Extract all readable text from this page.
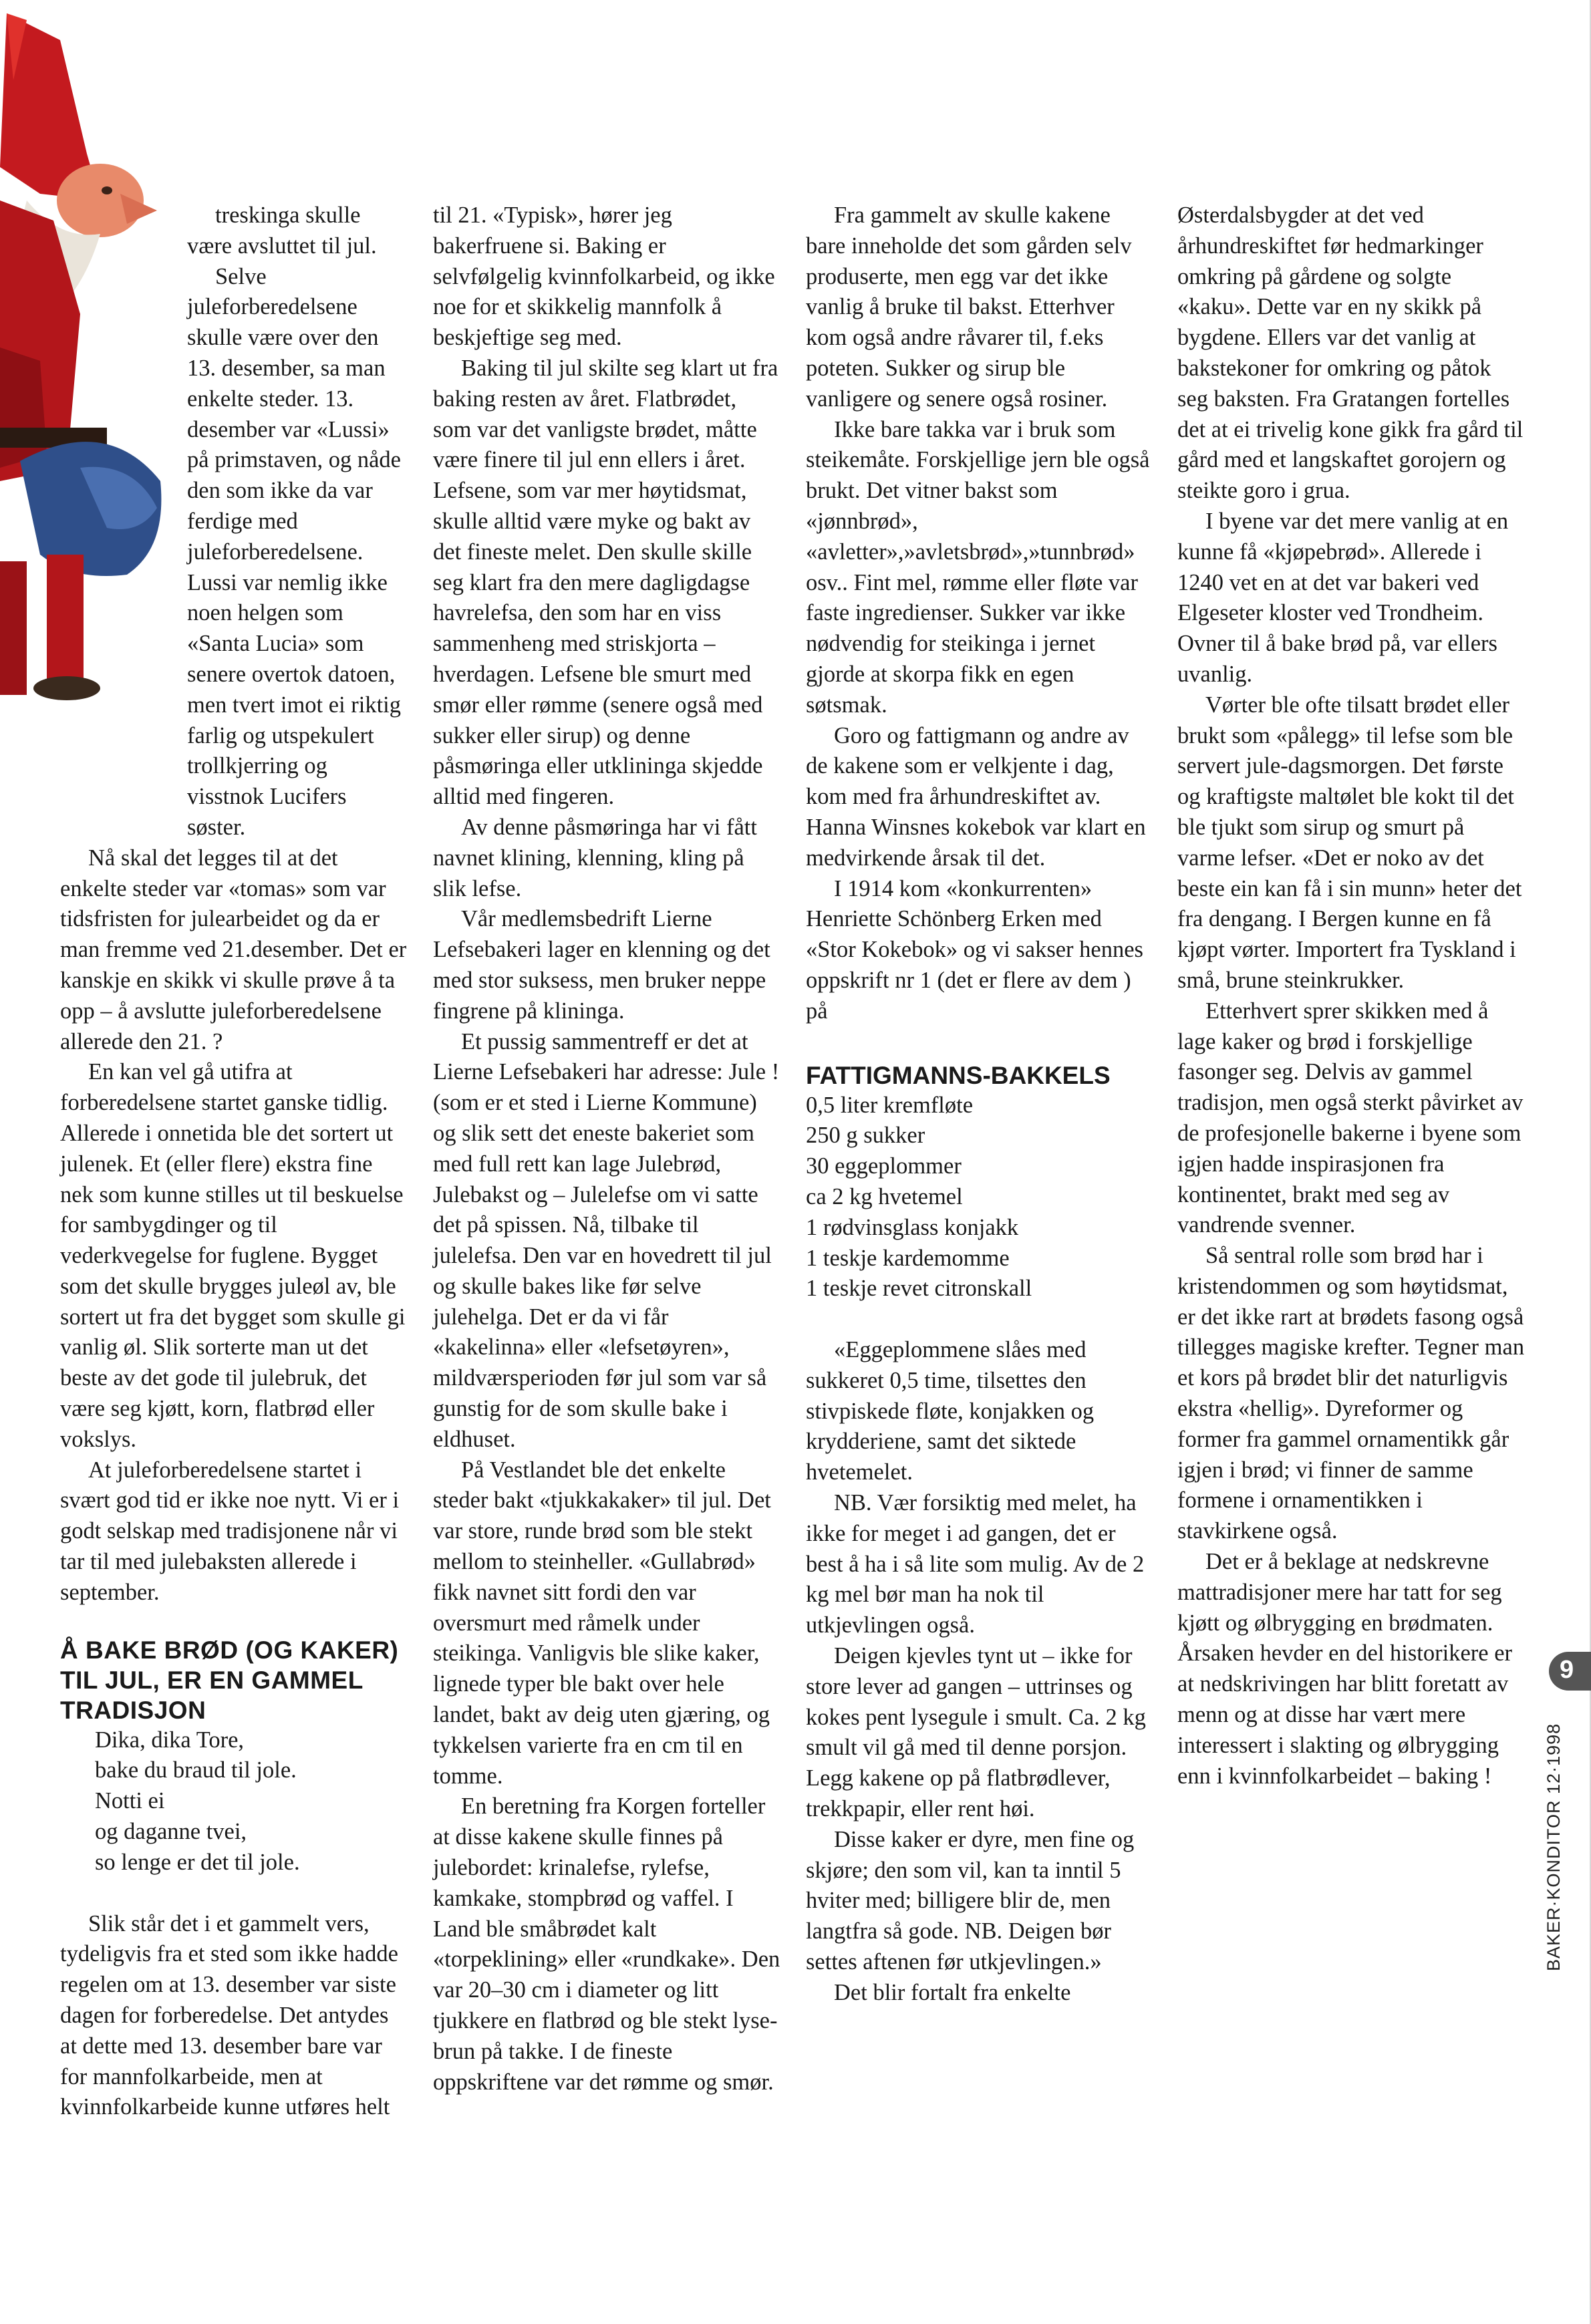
treskinga skulle være avsluttet til jul.

Selve juleforberedelsene skulle være over den 13. desember, sa man enkelte steder. 13. desember var «Lussi» på primstaven, og nåde den som ikke da var ferdige med juleforberedelsene. Lussi var nemlig ikke noen helgen som «Santa Lucia» som senere overtok datoen, men tvert imot ei riktig farlig og utspekulert trollkjerring og visstnok Lucifers søster.

Nå skal det legges til at det enkelte steder var «tomas» som var tidsfristen for julearbeidet og da er man fremme ved 21.desember. Det er kanskje en skikk vi skulle prøve å ta opp – å avslutte juleforberedelsene allerede den 21. ?

En kan vel gå utifra at forberedelsene startet ganske tidlig. Allerede i onnetida ble det sortert ut julenek. Et (eller flere) ekstra fine nek som kunne stilles ut til beskuelse for sambygdinger og til vederkvegelse for fuglene. Bygget som det skulle brygges juleøl av, ble sortert ut fra det bygget som skulle gi vanlig øl. Slik sorterte man ut det beste av det gode til julebruk, det være seg kjøtt, korn, flatbrød eller vokslys.

At juleforberedelsene startet i svært god tid er ikke noe nytt. Vi er i godt selskap med tradisjonene når vi tar til med julebaksten allerede i september.

Å BAKE BRØD (OG KAKER) TIL JUL, ER EN GAMMEL TRADISJON
Dika, dika Tore,
bake du braud til jole.
Notti ei
og daganne tvei,
so lenge er det til jole.

Slik står det i et gammelt vers, tydeligvis fra et sted som ikke hadde regelen om at 13. desember var siste dagen for forberedelse. Det antydes at dette med 13. desember bare var for mannfolkarbeide, men at kvinnfolkarbeide kunne utføres helt

til 21. «Typisk», hører jeg bakerfruene si. Baking er selvfølgelig kvinnfolkarbeid, og ikke noe for et skikkelig mannfolk å beskjeftige seg med.

Baking til jul skilte seg klart ut fra baking resten av året. Flatbrødet, som var det vanligste brødet, måtte være finere til jul enn ellers i året. Lefsene, som var mer høytidsmat, skulle alltid være myke og bakt av det fineste melet. Den skulle skille seg klart fra den mere dagligdagse havrelefsa, den som har en viss sammenheng med striskjorta – hverdagen. Lefsene ble smurt med smør eller rømme (senere også med sukker eller sirup) og denne påsmøringa eller utklininga skjedde alltid med fingeren.

Av denne påsmøringa har vi fått navnet klining, klenning, kling på slik lefse.

Vår medlemsbedrift Lierne Lefsebakeri lager en klenning og det med stor suksess, men bruker neppe fingrene på klininga.

Et pussig sammentreff er det at Lierne Lefsebakeri har adresse: Jule ! (som er et sted i Lierne Kommune) og slik sett det eneste bakeriet som med full rett kan lage Julebrød, Julebakst og – Julelefse om vi satte det på spissen. Nå, tilbake til julelefsa. Den var en hovedrett til jul og skulle bakes like før selve julehelga. Det er da vi får «kakelinna» eller «lefsetøyren», mildværsperioden før jul som var så gunstig for de som skulle bake i eldhuset.

På Vestlandet ble det enkelte steder bakt «tjukkakaker» til jul. Det var store, runde brød som ble stekt mellom to steinheller. «Gullabrød» fikk navnet sitt fordi den var oversmurt med råmelk under steikinga. Vanligvis ble slike kaker, lignede typer ble bakt over hele landet, bakt av deig uten gjæring, og tykkelsen varierte fra en cm til en tomme.

En beretning fra Korgen forteller at disse kakene skulle finnes på julebordet: krinalefse, rylefse, kamkake, stompbrød og vaffel. I Land ble småbrødet kalt «torpeklining» eller «rundkake». Den var 20–30 cm i diameter og litt tjukkere en flatbrød og ble stekt lyse-brun på takke. I de fineste oppskriftene var det rømme og smør.

Fra gammelt av skulle kakene bare inneholde det som gården selv produserte, men egg var det ikke vanlig å bruke til bakst. Etterhver kom også andre råvarer til, f.eks poteten. Sukker og sirup ble vanligere og senere også rosiner.

Ikke bare takka var i bruk som steikemåte. Forskjellige jern ble også brukt. Det vitner bakst som «jønnbrød», «avletter»,»avletsbrød»,»tunnbrød» osv.. Fint mel, rømme eller fløte var faste ingredienser. Sukker var ikke nødvendig for steikinga i jernet gjorde at skorpa fikk en egen søtsmak.

Goro og fattigmann og andre av de kakene som er velkjente i dag, kom med fra århundreskiftet av. Hanna Winsnes kokebok var klart en medvirkende årsak til det.

I 1914 kom «konkurrenten» Henriette Schönberg Erken med «Stor Kokebok» og vi sakser hennes oppskrift nr 1 (det er flere av dem ) på

FATTIGMANNS-BAKKELS
0,5 liter kremfløte
250 g sukker
30 eggeplommer
ca 2 kg hvetemel
1 rødvinsglass konjakk
1 teskje kardemomme
1 teskje revet citronskall

«Eggeplommene slåes med sukkeret 0,5 time, tilsettes den stivpiskede fløte, konjakken og krydderiene, samt det siktede hvetemelet.

NB. Vær forsiktig med melet, ha ikke for meget i ad gangen, det er best å ha i så lite som mulig. Av de 2 kg mel bør man ha nok til utkjevlingen også.

Deigen kjevles tynt ut – ikke for store lever ad gangen – uttrinses og kokes pent lysegule i smult. Ca. 2 kg smult vil gå med til denne porsjon. Legg kakene op på flatbrødlever, trekkpapir, eller rent høi.

Disse kaker er dyre, men fine og skjøre; den som vil, kan ta inntil 5 hviter med; billigere blir de, men langtfra så gode. NB. Deigen bør settes aftenen før utkjevlingen.»

Det blir fortalt fra enkelte

Østerdalsbygder at det ved århundreskiftet før hedmarkinger omkring på gårdene og solgte «kaku». Dette var en ny skikk på bygdene. Ellers var det vanlig at bakstekoner for omkring og påtok seg baksten. Fra Gratangen fortelles det at ei trivelig kone gikk fra gård til gård med et langskaftet gorojern og steikte goro i grua.

I byene var det mere vanlig at en kunne få «kjøpebrød». Allerede i 1240 vet en at det var bakeri ved Elgeseter kloster ved Trondheim. Ovner til å bake brød på, var ellers uvanlig.

Vørter ble ofte tilsatt brødet eller brukt som «pålegg» til lefse som ble servert jule-dagsmorgen. Det første og kraftigste maltølet ble kokt til det ble tjukt som sirup og smurt på varme lefser. «Det er noko av det beste ein kan få i sin munn» heter det fra dengang. I Bergen kunne en få kjøpt vørter. Importert fra Tyskland i små, brune steinkrukker.

Etterhvert sprer skikken med å lage kaker og brød i forskjellige fasonger seg. Delvis av gammel tradisjon, men også sterkt påvirket av de profesjonelle bakerne i byene som igjen hadde inspirasjonen fra kontinentet, brakt med seg av vandrende svenner.

Så sentral rolle som brød har i kristendommen og som høytidsmat, er det ikke rart at brødets fasong også tillegges magiske krefter. Tegner man et kors på brødet blir det naturligvis ekstra «hellig». Dyreformer og former fra gammel ornamentikk går igjen i brød; vi finner de samme formene i ornamentikken i stavkirkene også.

Det er å beklage at nedskrevne mattradisjoner mere har tatt for seg kjøtt og ølbrygging en brødmaten. Årsaken hevder en del historikere er at nedskrivingen har blitt foretatt av menn og at disse har vært mere interessert i slakting og ølbrygging enn i kvinnfolkarbeidet – baking !

9
BAKER·KONDITOR 12·1998
